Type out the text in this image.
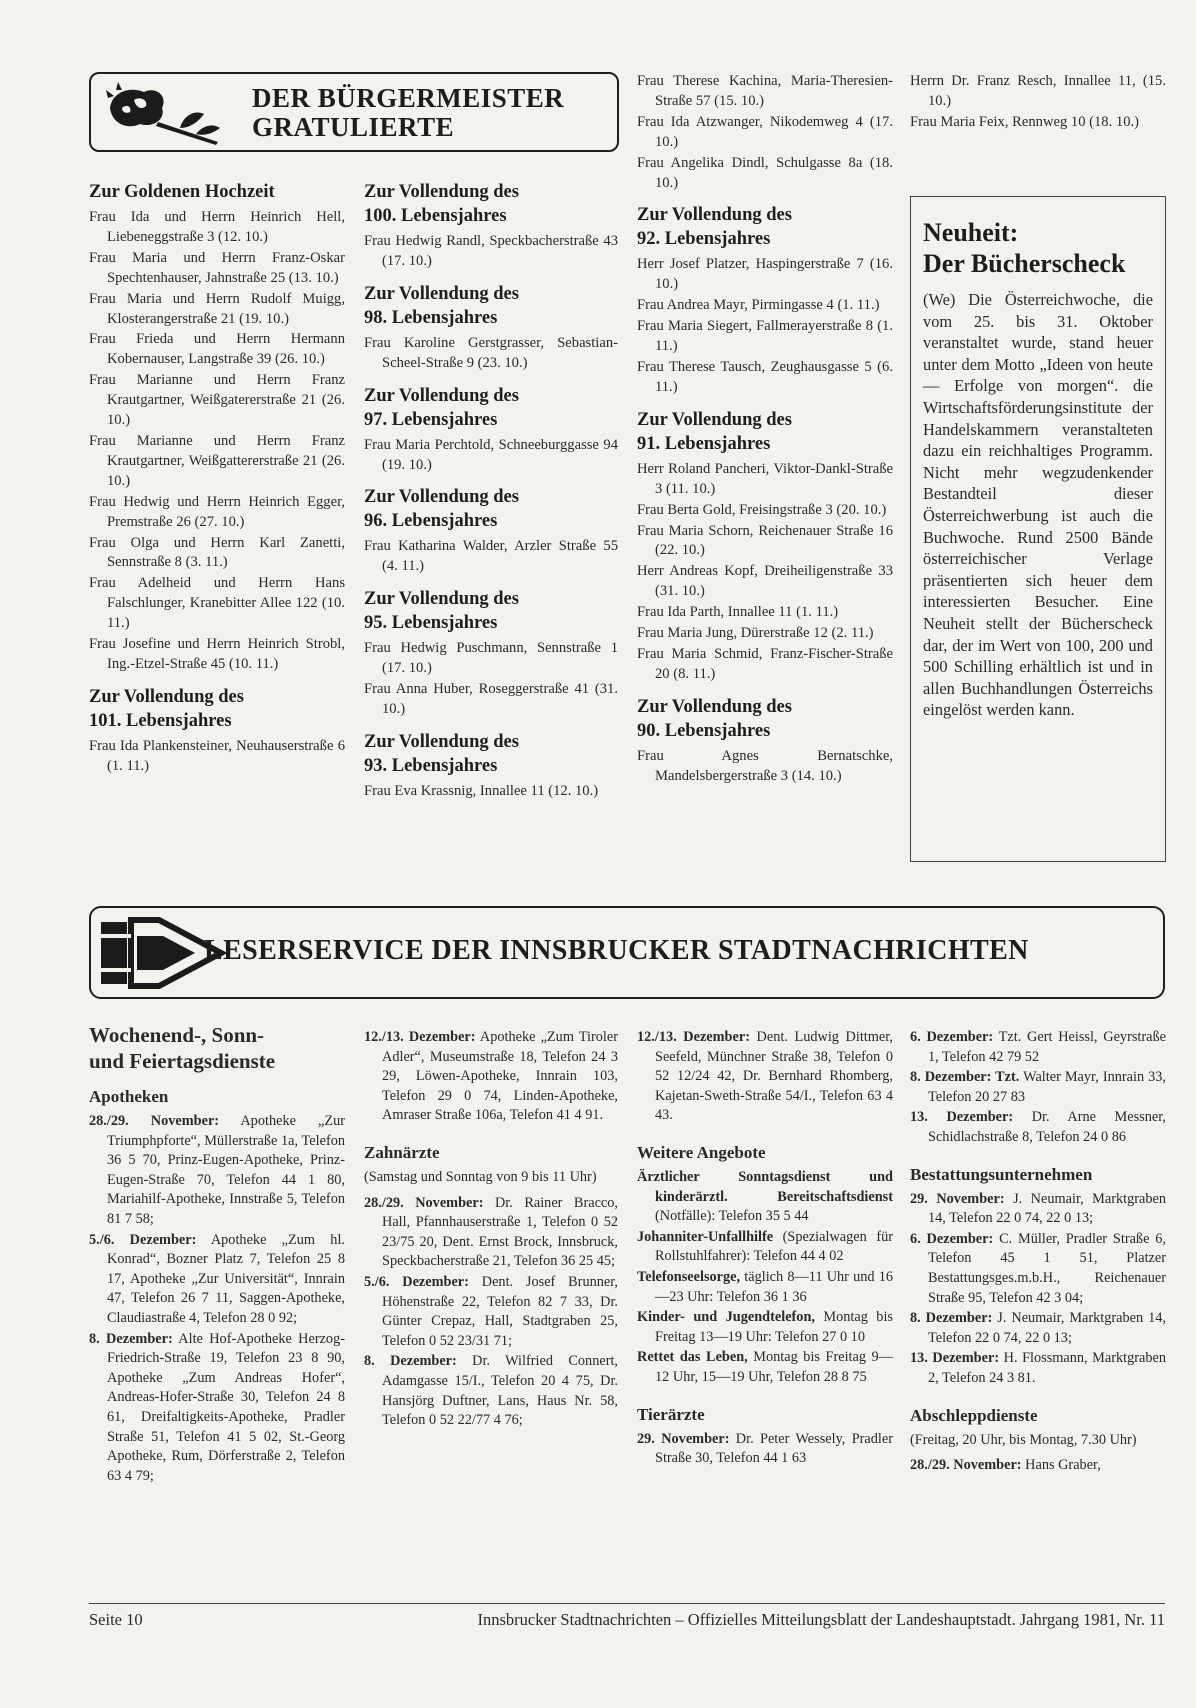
DER BÜRGERMEISTER
GRATULIERTE
Zur Goldenen Hochzeit

Frau Ida und Herrn Heinrich Hell, Liebeneggstraße 3 (12. 10.)

Frau Maria und Herrn Franz-Oskar Spechtenhauser, Jahnstraße 25 (13. 10.)

Frau Maria und Herrn Rudolf Muigg, Klosterangerstraße 21 (19. 10.)

Frau Frieda und Herrn Hermann Kobernauser, Langstraße 39 (26. 10.)

Frau Marianne und Herrn Franz Krautgartner, Weißgatererstraße 21 (26. 10.)

Frau Marianne und Herrn Franz Krautgartner, Weißgattererstraße 21 (26. 10.)

Frau Hedwig und Herrn Heinrich Egger, Premstraße 26 (27. 10.)

Frau Olga und Herrn Karl Zanetti, Sennstraße 8 (3. 11.)

Frau Adelheid und Herrn Hans Falschlunger, Kranebitter Allee 122 (10. 11.)

Frau Josefine und Herrn Heinrich Strobl, Ing.-Etzel-Straße 45 (10. 11.)

Zur Vollendung des
101. Lebensjahres

Frau Ida Plankensteiner, Neuhauserstraße 6 (1. 11.)

Zur Vollendung des
100. Lebensjahres

Frau Hedwig Randl, Speckbacherstraße 43 (17. 10.)

Zur Vollendung des
98. Lebensjahres

Frau Karoline Gerstgrasser, Sebastian-Scheel-Straße 9 (23. 10.)

Zur Vollendung des
97. Lebensjahres

Frau Maria Perchtold, Schneeburggasse 94 (19. 10.)

Zur Vollendung des
96. Lebensjahres

Frau Katharina Walder, Arzler Straße 55 (4. 11.)

Zur Vollendung des
95. Lebensjahres

Frau Hedwig Puschmann, Sennstraße 1 (17. 10.)

Frau Anna Huber, Roseggerstraße 41 (31. 10.)

Zur Vollendung des
93. Lebensjahres

Frau Eva Krassnig, Innallee 11 (12. 10.)

Frau Therese Kachina, Maria-Theresien-Straße 57 (15. 10.)

Frau Ida Atzwanger, Nikodemweg 4 (17. 10.)

Frau Angelika Dindl, Schulgasse 8a (18. 10.)

Zur Vollendung des
92. Lebensjahres

Herr Josef Platzer, Haspingerstraße 7 (16. 10.)

Frau Andrea Mayr, Pirmingasse 4 (1. 11.)

Frau Maria Siegert, Fallmerayerstraße 8 (1. 11.)

Frau Therese Tausch, Zeughausgasse 5 (6. 11.)

Zur Vollendung des
91. Lebensjahres

Herr Roland Pancheri, Viktor-Dankl-Straße 3 (11. 10.)

Frau Berta Gold, Freisingstraße 3 (20. 10.)

Frau Maria Schorn, Reichenauer Straße 16 (22. 10.)

Herr Andreas Kopf, Dreiheiligenstraße 33 (31. 10.)

Frau Ida Parth, Innallee 11 (1. 11.)

Frau Maria Jung, Dürerstraße 12 (2. 11.)

Frau Maria Schmid, Franz-Fischer-Straße 20 (8. 11.)

Zur Vollendung des
90. Lebensjahres

Frau Agnes Bernatschke, Mandelsbergerstraße 3 (14. 10.)

Herrn Dr. Franz Resch, Innallee 11, (15. 10.)

Frau Maria Feix, Rennweg 10 (18. 10.)

Neuheit:
Der Bücherscheck
(We) Die Österreichwoche, die vom 25. bis 31. Oktober veranstaltet wurde, stand heuer unter dem Motto „Ideen von heute — Erfolge von morgen“. die Wirtschaftsförderungsinstitute der Handelskammern veranstalteten dazu ein reichhaltiges Programm. Nicht mehr wegzudenkender Bestandteil dieser Österreichwerbung ist auch die Buchwoche. Rund 2500 Bände österreichischer Verlage präsentierten sich heuer dem interessierten Besucher. Eine Neuheit stellt der Bücherscheck dar, der im Wert von 100, 200 und 500 Schilling erhältlich ist und in allen Buchhandlungen Österreichs eingelöst werden kann.
LESERSERVICE DER INNSBRUCKER STADTNACHRICHTEN
Wochenend-, Sonn-
und Feiertagsdienste
Apotheken

28./29. November: Apotheke „Zur Triumphpforte“, Müllerstraße 1a, Telefon 36 5 70, Prinz-Eugen-Apotheke, Prinz-Eugen-Straße 70, Telefon 44 1 80, Mariahilf-Apotheke, Innstraße 5, Telefon 81 7 58;

5./6. Dezember: Apotheke „Zum hl. Konrad“, Bozner Platz 7, Telefon 25 8 17, Apotheke „Zur Universität“, Innrain 47, Telefon 26 7 11, Saggen-Apotheke, Claudiastraße 4, Telefon 28 0 92;

8. Dezember: Alte Hof-Apotheke Herzog-Friedrich-Straße 19, Telefon 23 8 90, Apotheke „Zum Andreas Hofer“, Andreas-Hofer-Straße 30, Telefon 24 8 61, Dreifaltigkeits-Apotheke, Pradler Straße 51, Telefon 41 5 02, St.-Georg Apotheke, Rum, Dörferstraße 2, Telefon 63 4 79;

12./13. Dezember: Apotheke „Zum Tiroler Adler“, Museumstraße 18, Telefon 24 3 29, Löwen-Apotheke, Innrain 103, Telefon 29 0 74, Linden-Apotheke, Amraser Straße 106a, Telefon 41 4 91.

Zahnärzte

(Samstag und Sonntag von 9 bis 11 Uhr)

28./29. November: Dr. Rainer Bracco, Hall, Pfannhauserstraße 1, Telefon 0 52 23/75 20, Dent. Ernst Brock, Innsbruck, Speckbacherstraße 21, Telefon 36 25 45;

5./6. Dezember: Dent. Josef Brunner, Höhenstraße 22, Telefon 82 7 33, Dr. Günter Crepaz, Hall, Stadtgraben 25, Telefon 0 52 23/31 71;

8. Dezember: Dr. Wilfried Connert, Adamgasse 15/I., Telefon 20 4 75, Dr. Hansjörg Duftner, Lans, Haus Nr. 58, Telefon 0 52 22/77 4 76;

12./13. Dezember: Dent. Ludwig Dittmer, Seefeld, Münchner Straße 38, Telefon 0 52 12/24 42, Dr. Bernhard Rhomberg, Kajetan-Sweth-Straße 54/I., Telefon 63 4 43.

Weitere Angebote

Ärztlicher Sonntagsdienst und kinderärztl. Bereitschaftsdienst (Notfälle): Telefon 35 5 44

Johanniter-Unfallhilfe (Spezialwagen für Rollstuhlfahrer): Telefon 44 4 02

Telefonseelsorge, täglich 8—11 Uhr und 16—23 Uhr: Telefon 36 1 36

Kinder- und Jugendtelefon, Montag bis Freitag 13—19 Uhr: Telefon 27 0 10

Rettet das Leben, Montag bis Freitag 9—12 Uhr, 15—19 Uhr, Telefon 28 8 75

Tierärzte

29. November: Dr. Peter Wessely, Pradler Straße 30, Telefon 44 1 63

6. Dezember: Tzt. Gert Heissl, Geyrstraße 1, Telefon 42 79 52

8. Dezember: Tzt. Walter Mayr, Innrain 33, Telefon 20 27 83

13. Dezember: Dr. Arne Messner, Schidlachstraße 8, Telefon 24 0 86

Bestattungsunternehmen

29. November: J. Neumair, Marktgraben 14, Telefon 22 0 74, 22 0 13;

6. Dezember: C. Müller, Pradler Straße 6, Telefon 45 1 51, Platzer Bestattungsges.m.b.H., Reichenauer Straße 95, Telefon 42 3 04;

8. Dezember: J. Neumair, Marktgraben 14, Telefon 22 0 74, 22 0 13;

13. Dezember: H. Flossmann, Marktgraben 2, Telefon 24 3 81.

Abschleppdienste

(Freitag, 20 Uhr, bis Montag, 7.30 Uhr)

28./29. November: Hans Graber,

Seite 10	Innsbrucker Stadtnachrichten – Offizielles Mitteilungsblatt der Landeshauptstadt. Jahrgang 1981, Nr. 11
